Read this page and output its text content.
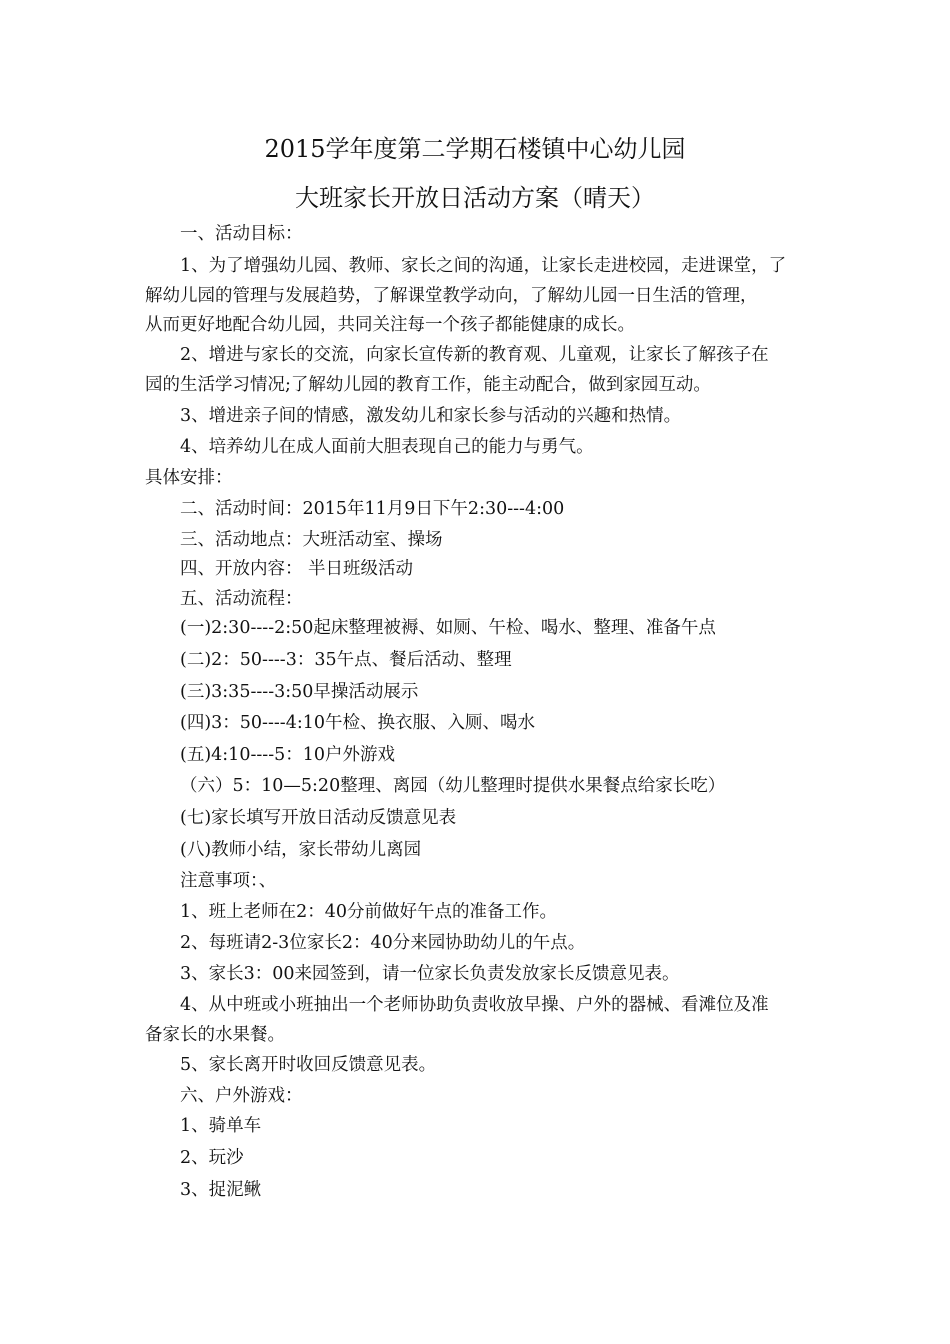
2015学年度第二学期石楼镇中心幼儿园
大班家长开放日活动方案（晴天）
一、活动目标：
1、为了增强幼儿园、教师、家长之间的沟通，让家长走进校园，走进课堂，了
解幼儿园的管理与发展趋势，了解课堂教学动向，了解幼儿园一日生活的管理，
从而更好地配合幼儿园，共同关注每一个孩子都能健康的成长。
2、增进与家长的交流，向家长宣传新的教育观、儿童观，让家长了解孩子在
园的生活学习情况;了解幼儿园的教育工作，能主动配合，做到家园互动。
3、增进亲子间的情感，激发幼儿和家长参与活动的兴趣和热情。
4、培养幼儿在成人面前大胆表现自己的能力与勇气。
具体安排：
二、活动时间：2015年11月9日下午2:30---4:00
三、活动地点：大班活动室、操场
四、开放内容： 半日班级活动
五、活动流程：
(一)2:30----2:50起床整理被褥、如厕、午检、喝水、整理、准备午点
(二)2：50----3：35午点、餐后活动、整理
(三)3:35----3:50早操活动展示
(四)3：50----4:10午检、换衣服、入厕、喝水
(五)4:10----5：10户外游戏
（六）5：10—5:20整理、离园（幼儿整理时提供水果餐点给家长吃）
(七)家长填写开放日活动反馈意见表
(八)教师小结，家长带幼儿离园
注意事项：、
1、班上老师在2：40分前做好午点的准备工作。
2、每班请2-3位家长2：40分来园协助幼儿的午点。
3、家长3：00来园签到，请一位家长负责发放家长反馈意见表。
4、从中班或小班抽出一个老师协助负责收放早操、户外的器械、看滩位及准
备家长的水果餐。
5、家长离开时收回反馈意见表。
六、户外游戏：
1、骑单车
2、玩沙
3、捉泥鳅
